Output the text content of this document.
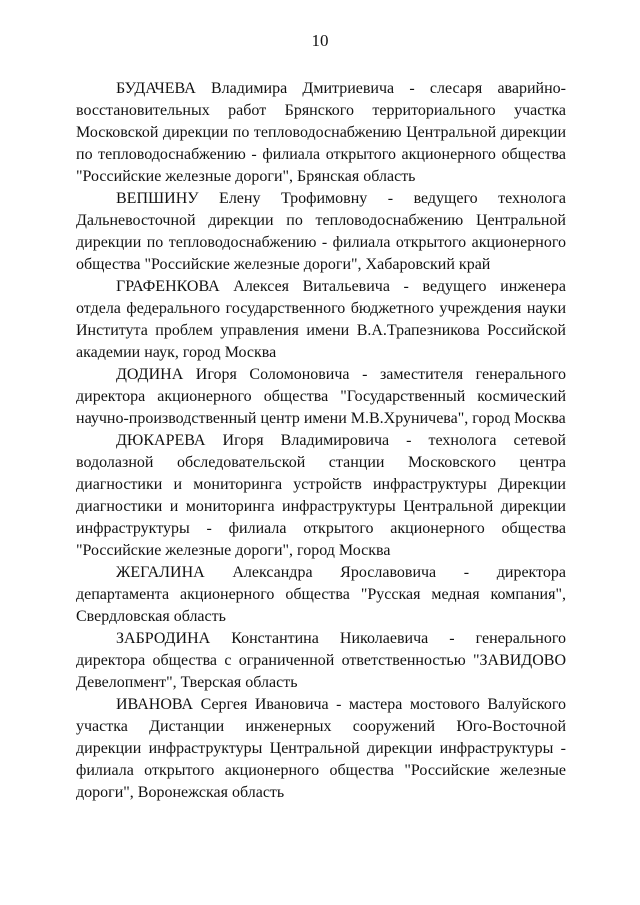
10

БУДАЧЕВА Владимира Дмитриевича - слесаря аварийно-восстановительных работ Брянского территориального участка Московской дирекции по тепловодоснабжению Центральной дирекции по тепловодоснабжению - филиала открытого акционерного общества "Российские железные дороги", Брянская область

ВЕПШИНУ Елену Трофимовну - ведущего технолога Дальневосточной дирекции по тепловодоснабжению Центральной дирекции по тепловодоснабжению - филиала открытого акционерного общества "Российские железные дороги", Хабаровский край

ГРАФЕНКОВА Алексея Витальевича - ведущего инженера отдела федерального государственного бюджетного учреждения науки Института проблем управления имени В.А.Трапезникова Российской академии наук, город Москва

ДОДИНА Игоря Соломоновича - заместителя генерального директора акционерного общества "Государственный космический научно-производственный центр имени М.В.Хруничева", город Москва

ДЮКАРЕВА Игоря Владимировича - технолога сетевой водолазной обследовательской станции Московского центра диагностики и мониторинга устройств инфраструктуры Дирекции диагностики и мониторинга инфраструктуры Центральной дирекции инфраструктуры - филиала открытого акционерного общества "Российские железные дороги", город Москва

ЖЕГАЛИНА Александра Ярославовича - директора департамента акционерного общества "Русская медная компания", Свердловская область

ЗАБРОДИНА Константина Николаевича - генерального директора общества с ограниченной ответственностью "ЗАВИДОВО Девелопмент", Тверская область

ИВАНОВА Сергея Ивановича - мастера мостового Валуйского участка Дистанции инженерных сооружений Юго-Восточной дирекции инфраструктуры Центральной дирекции инфраструктуры - филиала открытого акционерного общества "Российские железные дороги", Воронежская область
